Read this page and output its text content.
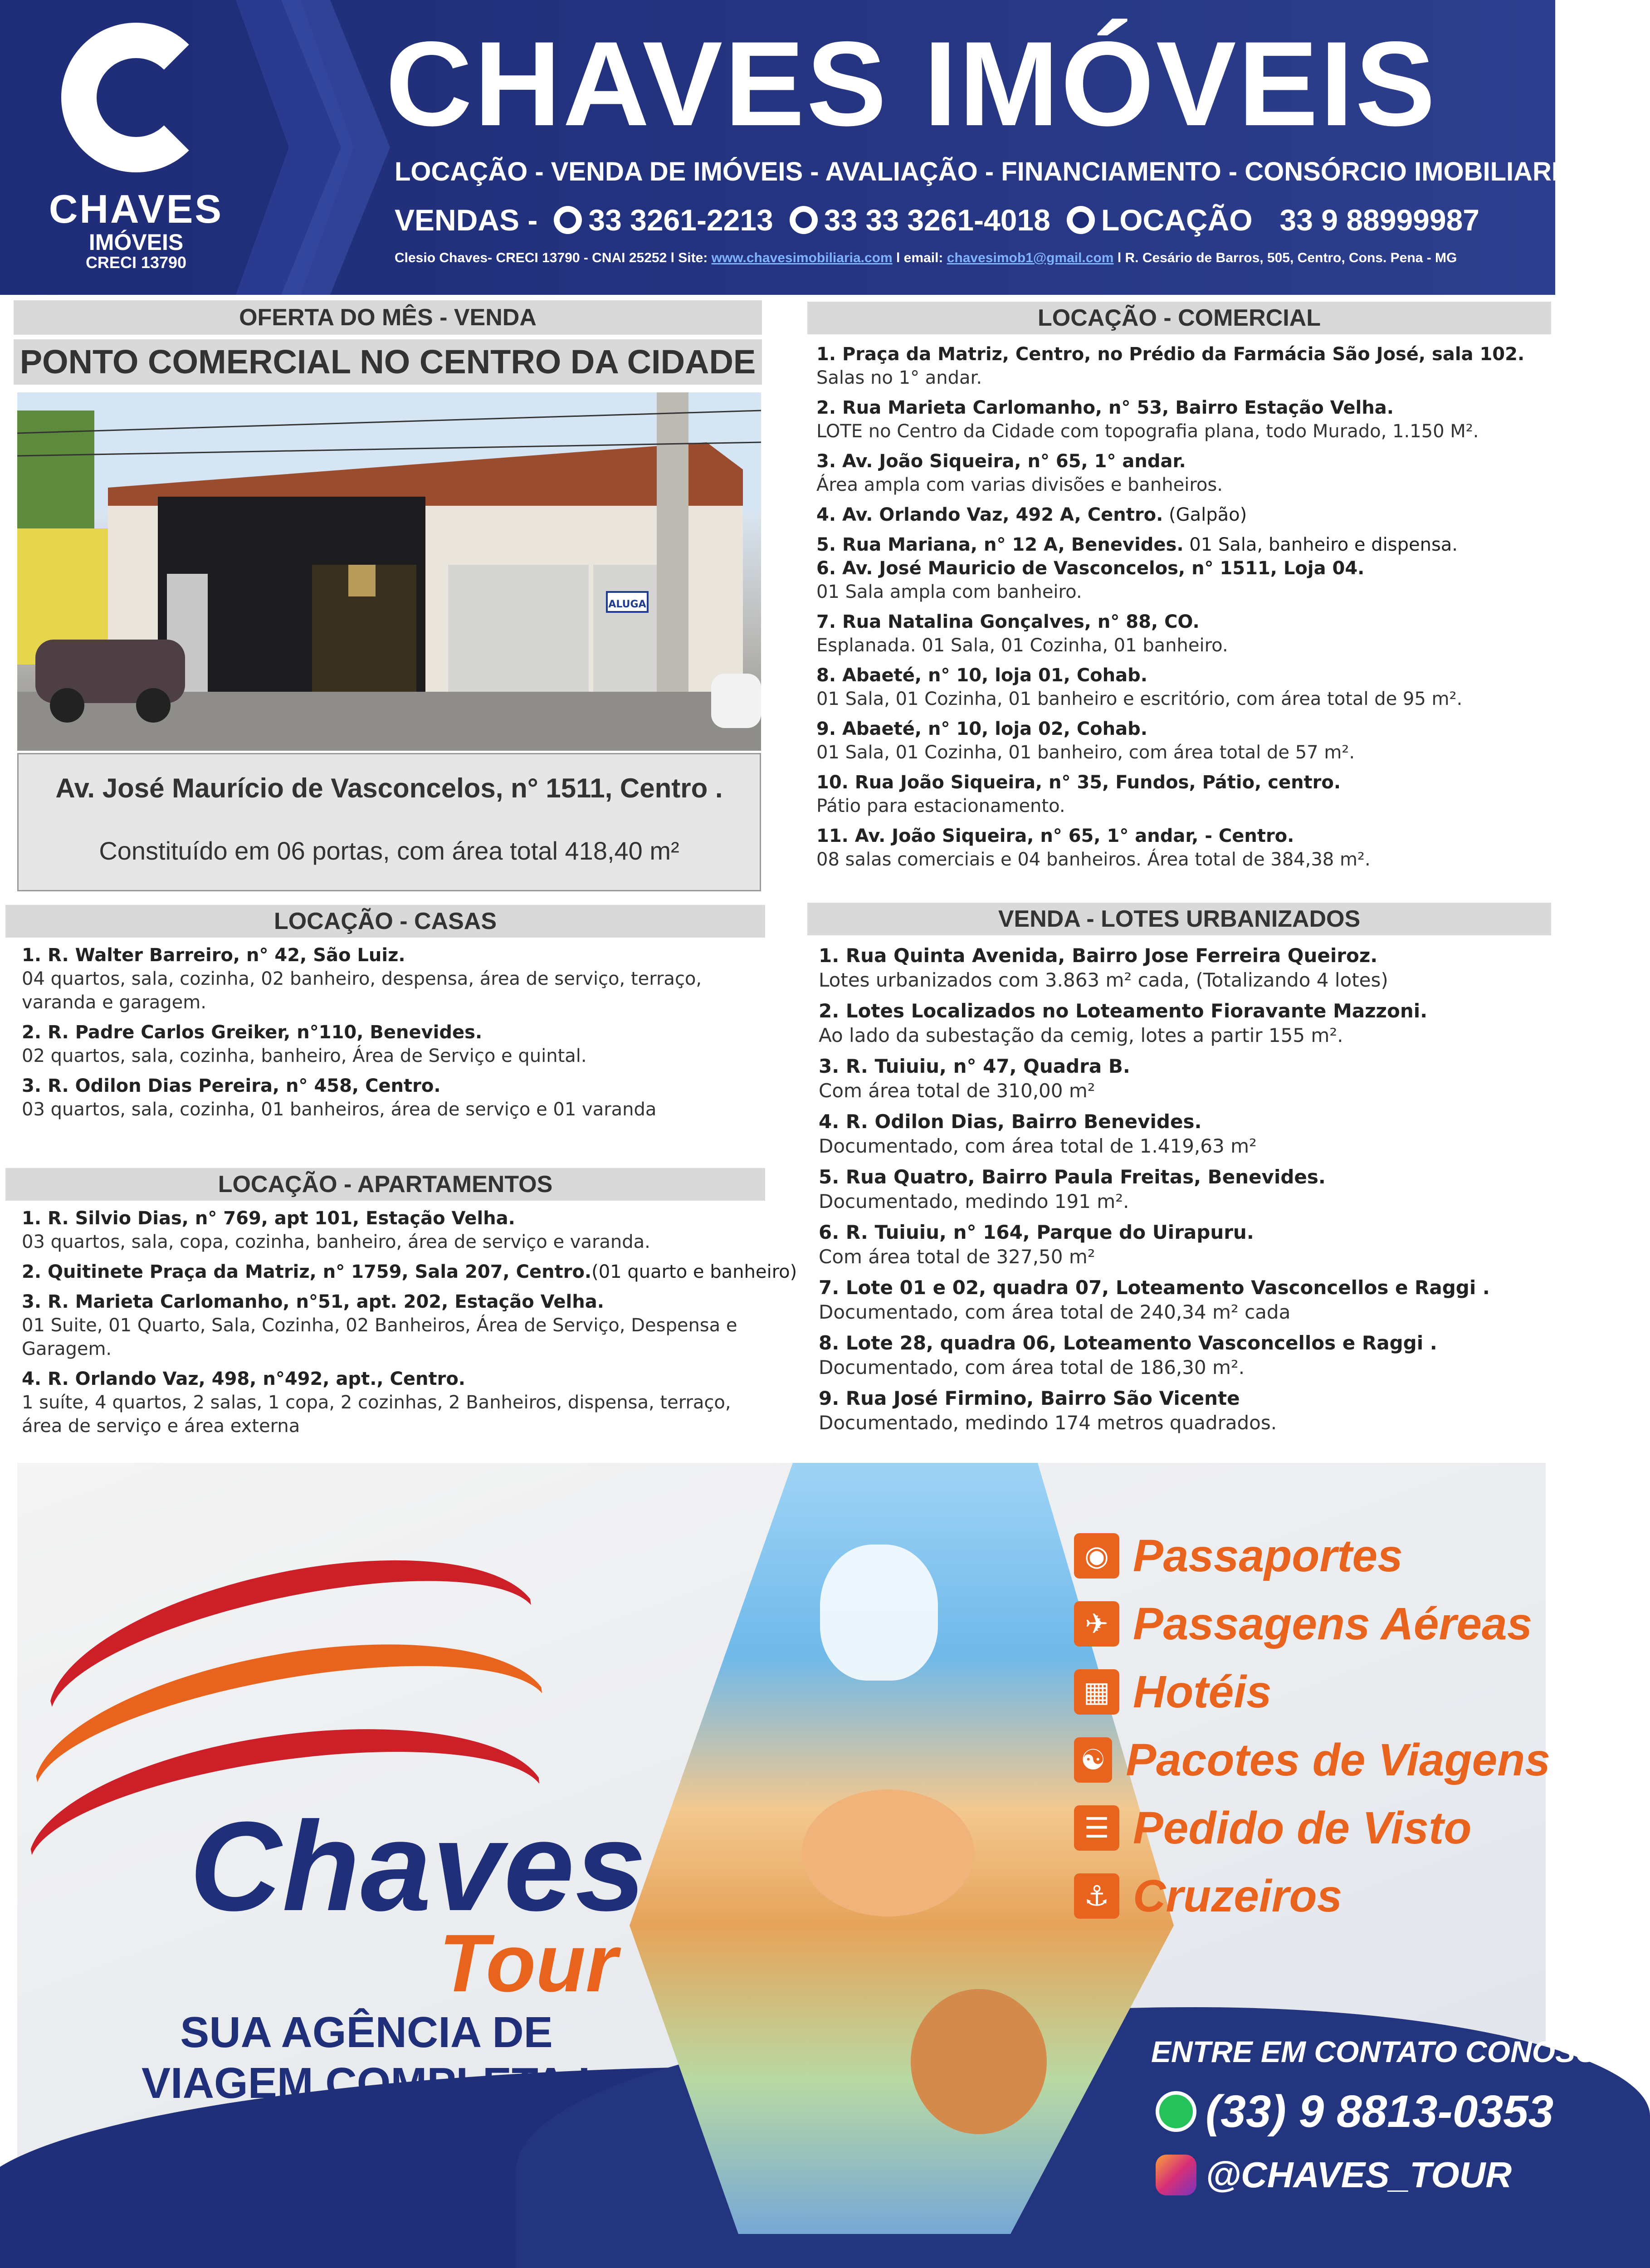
CHAVES
IMÓVEIS
CRECI 13790
CHAVES IMÓVEIS
LOCAÇÃO - VENDA DE IMÓVEIS - AVALIAÇÃO - FINANCIAMENTO - CONSÓRCIO IMOBILIARIO
VENDAS - 33 3261-2213 33 33 3261-4018 LOCAÇÃO 33 9 88999987
Clesio Chaves- CRECI 13790 - CNAI 25252 l Site: www.chavesimobiliaria.com l email: chavesimob1@gmail.com l R. Cesário de Barros, 505, Centro, Cons. Pena - MG
OFERTA DO MÊS - VENDA
PONTO COMERCIAL NO CENTRO DA CIDADE
ALUGA
Av. José Maurício de Vasconcelos, n° 1511, Centro .
Constituído em 06 portas, com área total 418,40 m²
LOCAÇÃO - CASAS
1. R. Walter Barreiro, n° 42, São Luiz.
04 quartos, sala, cozinha, 02 banheiro, despensa, área de serviço, terraço, varanda e garagem.
2. R. Padre Carlos Greiker, n°110, Benevides.
02 quartos, sala, cozinha, banheiro, Área de Serviço e quintal.
3. R. Odilon Dias Pereira, n° 458, Centro.
03 quartos, sala, cozinha, 01 banheiros, área de serviço e 01 varanda
LOCAÇÃO - APARTAMENTOS
1. R. Silvio Dias, n° 769, apt 101, Estação Velha.
03 quartos, sala, copa, cozinha, banheiro, área de serviço e varanda.
2. Quitinete Praça da Matriz, n° 1759, Sala 207, Centro.(01 quarto e banheiro)
3. R. Marieta Carlomanho, n°51, apt. 202, Estação Velha.
01 Suite, 01 Quarto, Sala, Cozinha, 02 Banheiros, Área de Serviço, Despensa e Garagem.
4. R. Orlando Vaz, 498, n°492, apt., Centro.
1 suíte, 4 quartos, 2 salas, 1 copa, 2 cozinhas, 2 Banheiros, dispensa, terraço, área de serviço e área externa
LOCAÇÃO - COMERCIAL
1. Praça da Matriz, Centro, no Prédio da Farmácia São José, sala 102.
Salas no 1° andar.
2. Rua Marieta Carlomanho, n° 53, Bairro Estação Velha.
LOTE no Centro da Cidade com topografia plana, todo Murado, 1.150 M².
3. Av. João Siqueira, n° 65, 1° andar.
Área ampla com varias divisões e banheiros.
4. Av. Orlando Vaz, 492 A, Centro. (Galpão)
5. Rua Mariana, n° 12 A, Benevides. 01 Sala, banheiro e dispensa.
6. Av. José Mauricio de Vasconcelos, n° 1511, Loja 04.
01 Sala ampla com banheiro.
7. Rua Natalina Gonçalves, n° 88, CO.
Esplanada. 01 Sala, 01 Cozinha, 01 banheiro.
8. Abaeté, n° 10, loja 01, Cohab.
01 Sala, 01 Cozinha, 01 banheiro e escritório, com área total de 95 m².
9. Abaeté, n° 10, loja 02, Cohab.
01 Sala, 01 Cozinha, 01 banheiro, com área total de 57 m².
10. Rua João Siqueira, n° 35, Fundos, Pátio, centro.
Pátio para estacionamento.
11. Av. João Siqueira, n° 65, 1° andar, - Centro.
08 salas comerciais e 04 banheiros. Área total de 384,38 m².
VENDA - LOTES URBANIZADOS
1. Rua Quinta Avenida, Bairro Jose Ferreira Queiroz.
Lotes urbanizados com 3.863 m² cada, (Totalizando 4 lotes)
2. Lotes Localizados no Loteamento Fioravante Mazzoni.
Ao lado da subestação da cemig, lotes a partir 155 m².
3. R. Tuiuiu, n° 47, Quadra B.
Com área total de 310,00 m²
4. R. Odilon Dias, Bairro Benevides.
Documentado, com área total de 1.419,63 m²
5. Rua Quatro, Bairro Paula Freitas, Benevides.
Documentado, medindo 191 m².
6. R. Tuiuiu, n° 164, Parque do Uirapuru.
Com área total de 327,50 m²
7. Lote 01 e 02, quadra 07, Loteamento Vasconcellos e Raggi .
Documentado, com área total de 240,34 m² cada
8. Lote 28, quadra 06, Loteamento Vasconcellos e Raggi .
Documentado, com área total de 186,30 m².
9. Rua José Firmino, Bairro São Vicente
Documentado, medindo 174 metros quadrados.
Chaves
Tour
SUA AGÊNCIA DE
VIAGEM COMPLETA !
◉ Passaportes
✈ Passagens Aéreas
▦ Hotéis
☯ Pacotes de Viagens
☰ Pedido de Visto
⚓ Cruzeiros
ENTRE EM CONTATO CONOSCO:
(33) 9 8813-0353
@CHAVES_TOUR
